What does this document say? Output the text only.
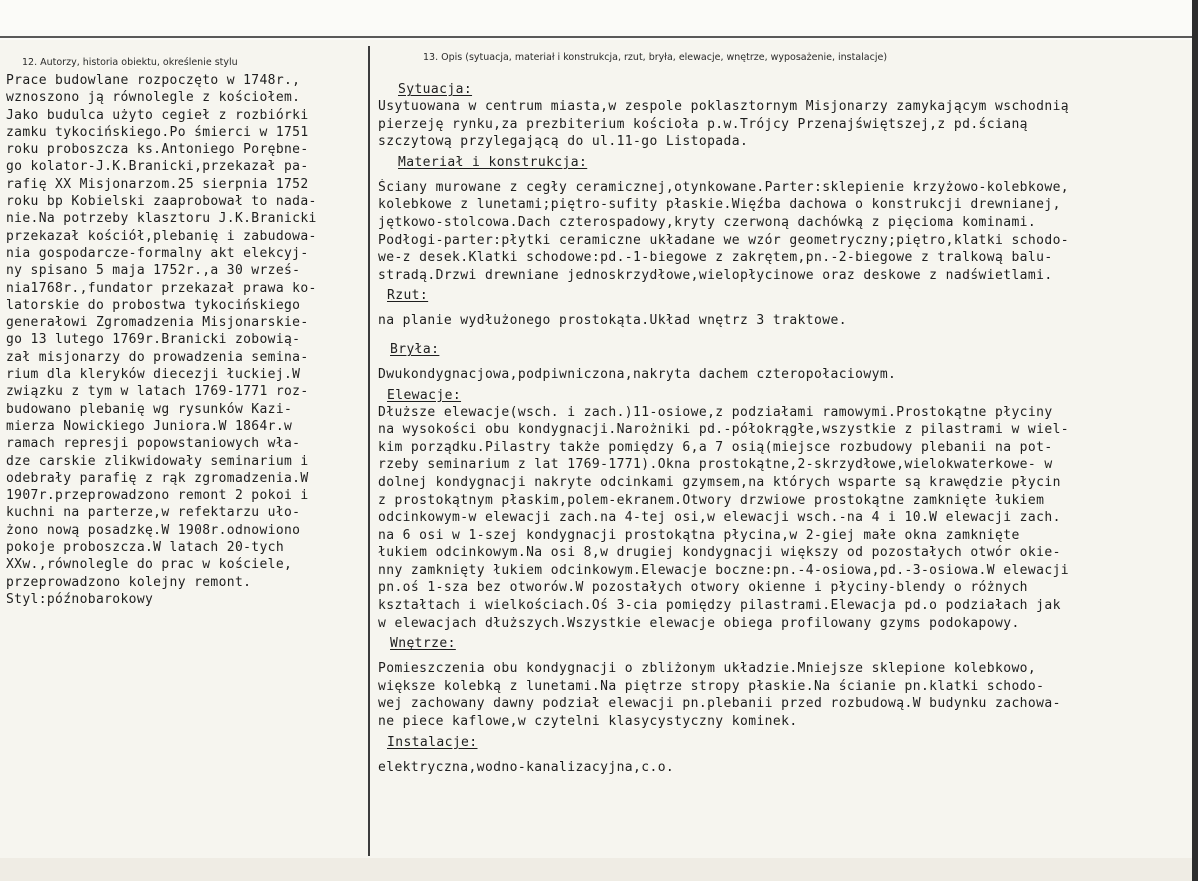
12. Autorzy, historia obiektu, określenie stylu	13. Opis (sytuacja, materiał i konstrukcja, rzut, bryła, elewacje, wnętrze, wyposażenie, instalacje)
Prace budowlane rozpoczęto w 1748r.,
wznoszono ją równolegle z kościołem.
Jako budulca użyto cegieł z rozbiórki
zamku tykocińskiego.Po śmierci w 1751
roku proboszcza ks.Antoniego Porębne-
go kolator-J.K.Branicki,przekazał pa-
rafię XX Misjonarzom.25 sierpnia 1752
roku bp Kobielski zaaprobował to nada-
nie.Na potrzeby klasztoru J.K.Branicki
przekazał kościół,plebanię i zabudowa-
nia gospodarcze-formalny akt elekcyj-
ny spisano 5 maja 1752r.,a 30 wrześ-
nia1768r.,fundator przekazał prawa ko-
latorskie do probostwa tykocińskiego
generałowi Zgromadzenia Misjonarskie-
go 13 lutego 1769r.Branicki zobowią-
zał misjonarzy do prowadzenia semina-
rium dla kleryków diecezji łuckiej.W
związku z tym w latach 1769-1771 roz-
budowano plebanię wg rysunków Kazi-
mierza Nowickiego Juniora.W 1864r.w
ramach represji popowstaniowych wła-
dze carskie zlikwidowały seminarium i
odebrały parafię z rąk zgromadzenia.W
1907r.przeprowadzono remont 2 pokoi i
kuchni na parterze,w refektarzu uło-
żono nową posadzkę.W 1908r.odnowiono
pokoje proboszcza.W latach 20-tych
XXw.,równolegle do prac w kościele,
przeprowadzono kolejny remont.
Styl:późnobarokowy
Sytuacja:
Usytuowana w centrum miasta,w zespole poklasztornym Misjonarzy zamykającym wschodnią
pierzeję rynku,za prezbiterium kościoła p.w.Trójcy Przenajświętszej,z pd.ścianą
szczytową przylegającą do ul.11-go Listopada.
Materiał i konstrukcja:
Ściany murowane z cegły ceramicznej,otynkowane.Parter:sklepienie krzyżowo-kolebkowe,
kolebkowe z lunetami;piętro-sufity płaskie.Więźba dachowa o konstrukcji drewnianej,
jętkowo-stolcowa.Dach czterospadowy,kryty czerwoną dachówką z pięcioma kominami.
Podłogi-parter:płytki ceramiczne układane we wzór geometryczny;piętro,klatki schodo-
we-z desek.Klatki schodowe:pd.-1-biegowe z zakrętem,pn.-2-biegowe z tralkową balu-
stradą.Drzwi drewniane jednoskrzydłowe,wielopłycinowe oraz deskowe z nadświetlami.
Rzut:
na planie wydłużonego prostokąta.Układ wnętrz 3 traktowe.
Bryła:
Dwukondygnacjowa,podpiwniczona,nakryta dachem czteropołaciowym.
Elewacje:
Dłuższe elewacje(wsch. i zach.)11-osiowe,z podziałami ramowymi.Prostokątne płyciny
na wysokości obu kondygnacji.Narożniki pd.-półokrągłe,wszystkie z pilastrami w wiel-
kim porządku.Pilastry także pomiędzy 6,a 7 osią(miejsce rozbudowy plebanii na pot-
rzeby seminarium z lat 1769-1771).Okna prostokątne,2-skrzydłowe,wielokwaterkowe- w
dolnej kondygnacji nakryte odcinkami gzymsem,na których wsparte są krawędzie płycin
z prostokątnym płaskim,polem-ekranem.Otwory drzwiowe prostokątne zamknięte łukiem
odcinkowym-w elewacji zach.na 4-tej osi,w elewacji wsch.-na 4 i 10.W elewacji zach.
na 6 osi w 1-szej kondygnacji prostokątna płycina,w 2-giej małe okna zamknięte
łukiem odcinkowym.Na osi 8,w drugiej kondygnacji większy od pozostałych otwór okie-
nny zamknięty łukiem odcinkowym.Elewacje boczne:pn.-4-osiowa,pd.-3-osiowa.W elewacji
pn.oś 1-sza bez otworów.W pozostałych otwory okienne i płyciny-blendy o różnych
kształtach i wielkościach.Oś 3-cia pomiędzy pilastrami.Elewacja pd.o podziałach jak
w elewacjach dłuższych.Wszystkie elewacje obiega profilowany gzyms podokapowy.
Wnętrze:
Pomieszczenia obu kondygnacji o zbliżonym układzie.Mniejsze sklepione kolebkowo,
większe kolebką z lunetami.Na piętrze stropy płaskie.Na ścianie pn.klatki schodo-
wej zachowany dawny podział elewacji pn.plebanii przed rozbudową.W budynku zachowa-
ne piece kaflowe,w czytelni klasycystyczny kominek.
Instalacje:
elektryczna,wodno-kanalizacyjna,c.o.
